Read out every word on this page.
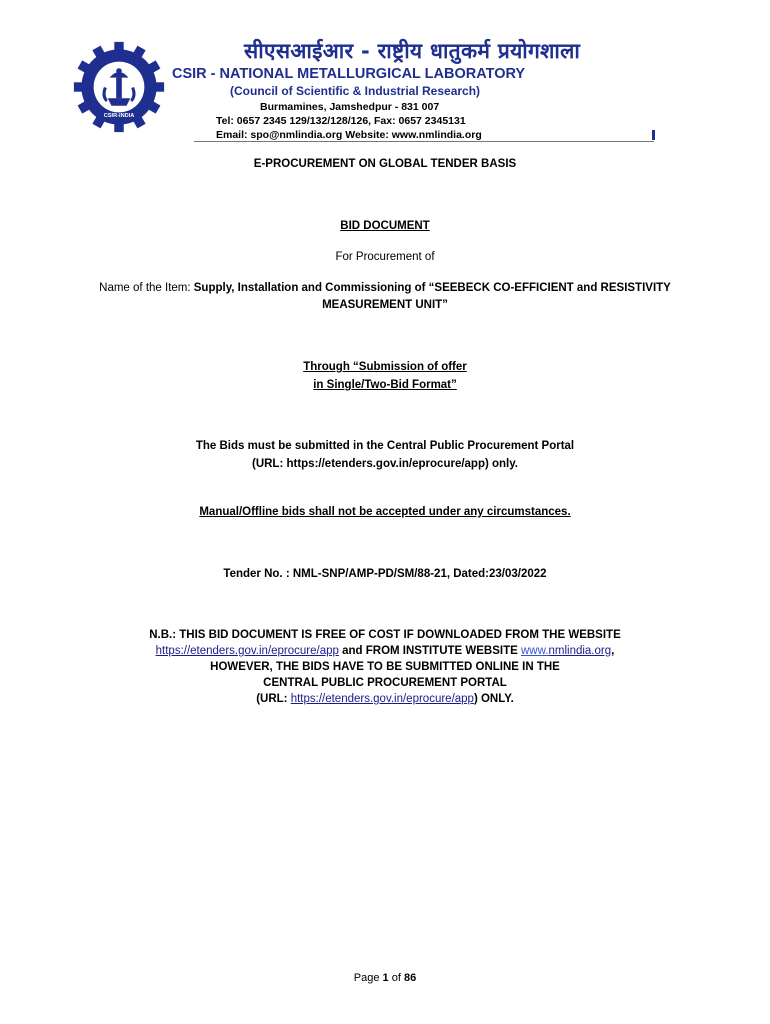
CSIR-INDIA
सीएसआईआर - राष्ट्रीय धातुकर्म प्रयोगशाला
CSIR - NATIONAL METALLURGICAL LABORATORY
(Council of Scientific & Industrial Research)
Burmamines, Jamshedpur - 831 007
Tel: 0657 2345 129/132/128/126, Fax: 0657 2345131
Email: spo@nmlindia.org Website: www.nmlindia.org
E-PROCUREMENT ON GLOBAL TENDER BASIS
BID DOCUMENT
For Procurement of
Name of the Item: Supply, Installation and Commissioning of “SEEBECK CO-EFFICIENT and RESISTIVITY
MEASUREMENT UNIT”
Through “Submission of offer
in Single/Two-Bid Format”
The Bids must be submitted in the Central Public Procurement Portal
(URL: https://etenders.gov.in/eprocure/app) only.
Manual/Offline bids shall not be accepted under any circumstances.
Tender No. : NML-SNP/AMP-PD/SM/88-21, Dated:23/03/2022
N.B.: THIS BID DOCUMENT IS FREE OF COST IF DOWNLOADED FROM THE WEBSITE
https://etenders.gov.in/eprocure/app and FROM INSTITUTE WEBSITE www.nmlindia.org,
HOWEVER, THE BIDS HAVE TO BE SUBMITTED ONLINE IN THE
CENTRAL PUBLIC PROCUREMENT PORTAL
(URL: https://etenders.gov.in/eprocure/app) ONLY.
Page 1 of 86
